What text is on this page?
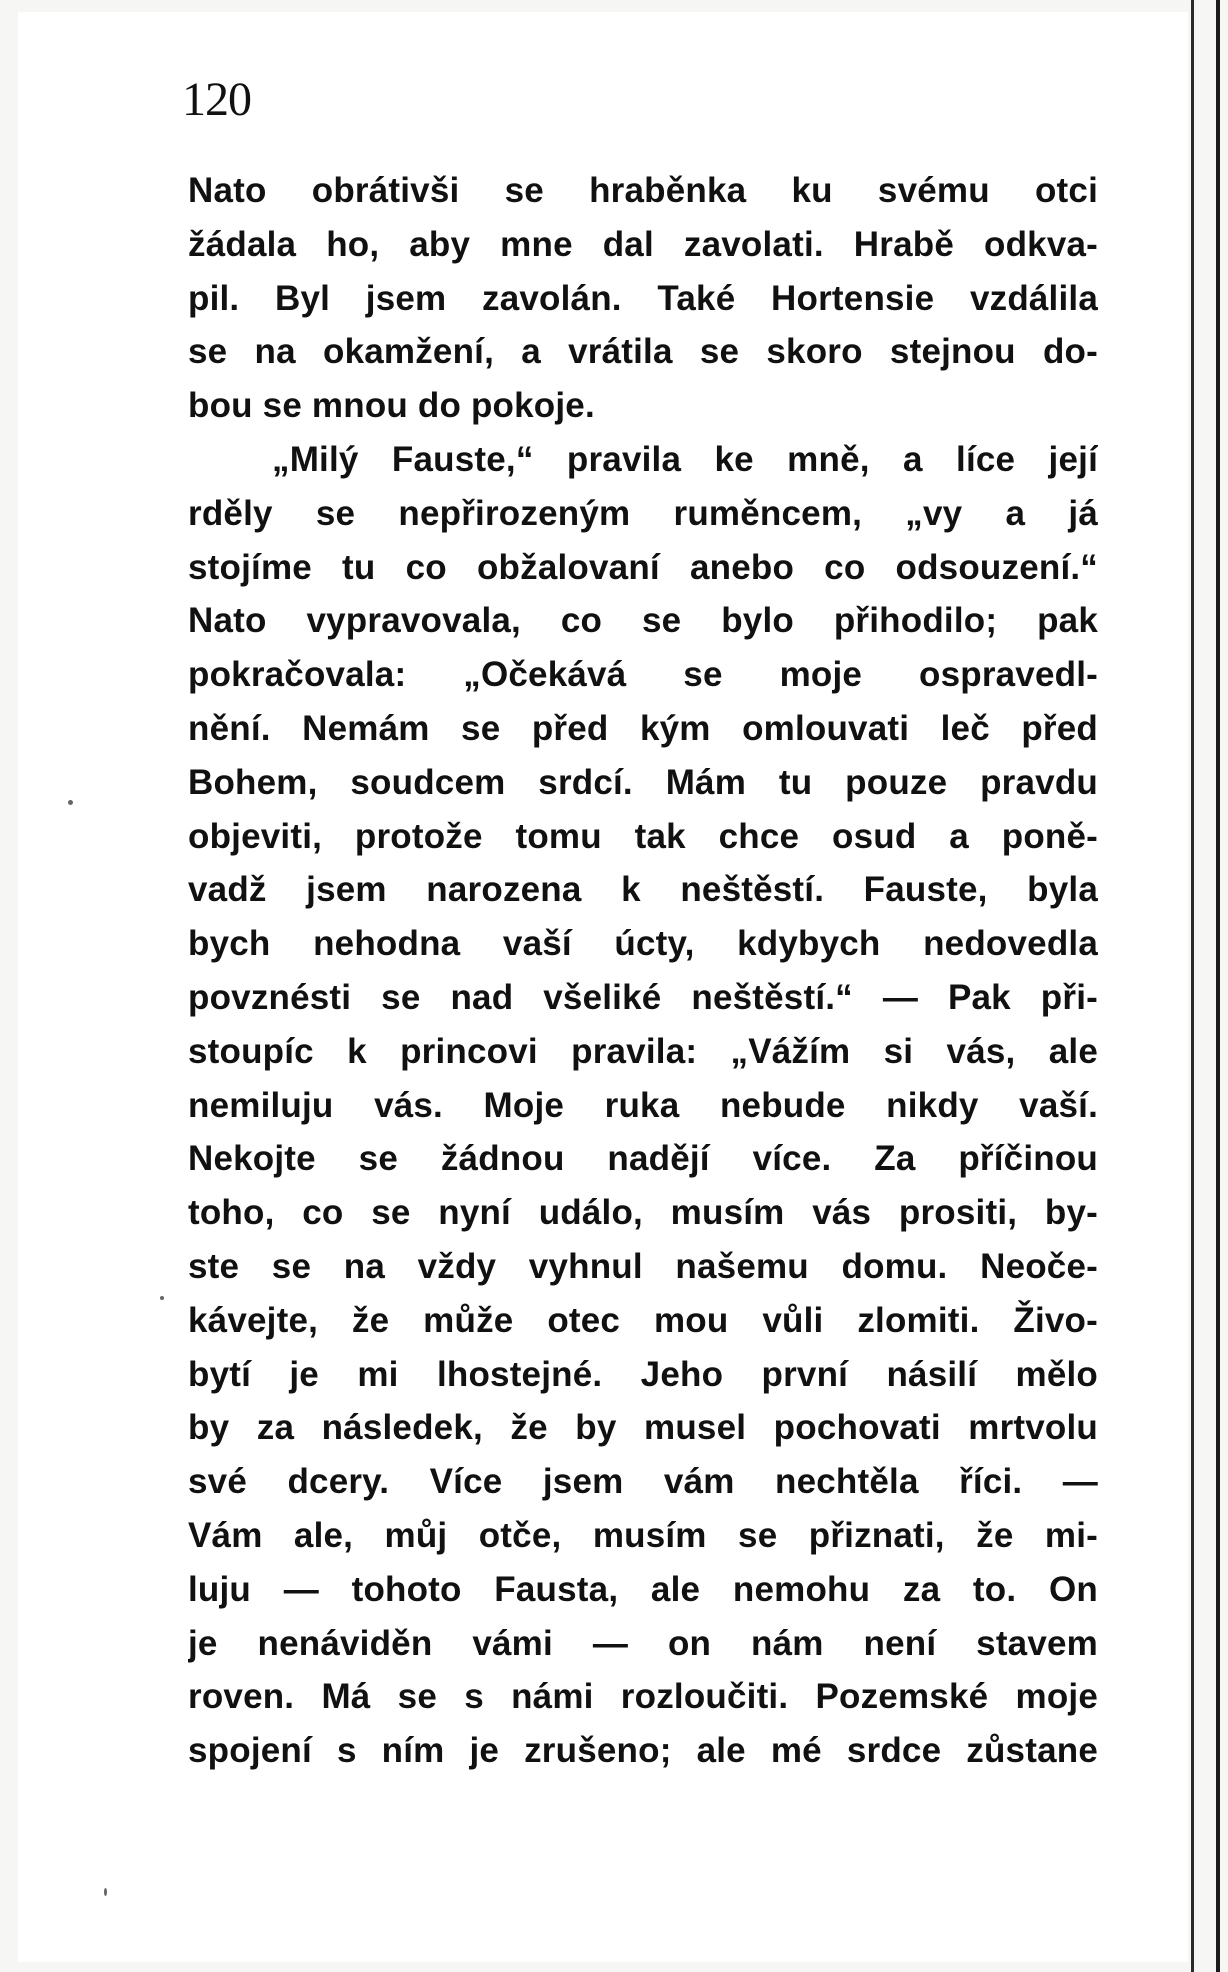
120
Nato obrátivši se hraběnka ku svému otci
žádala ho, aby mne dal zavolati. Hrabě odkva-
pil. Byl jsem zavolán. Také Hortensie vzdálila
se na okamžení, a vrátila se skoro stejnou do-
bou se mnou do pokoje.
„Milý Fauste,“ pravila ke mně, a líce její
rděly se nepřirozeným ruměncem, „vy a já
stojíme tu co obžalovaní anebo co odsouzení.“
Nato vypravovala, co se bylo přihodilo; pak
pokračovala: „Očekává se moje ospravedl-
nění. Nemám se před kým omlouvati leč před
Bohem, soudcem srdcí. Mám tu pouze pravdu
objeviti, protože tomu tak chce osud a poně-
vadž jsem narozena k neštěstí. Fauste, byla
bych nehodna vaší úcty, kdybych nedovedla
povznésti se nad všeliké neštěstí.“ — Pak při-
stoupíc k princovi pravila: „Vážím si vás, ale
nemiluju vás. Moje ruka nebude nikdy vaší.
Nekojte se žádnou nadějí více. Za příčinou
toho, co se nyní událo, musím vás prositi, by-
ste se na vždy vyhnul našemu domu. Neoče-
kávejte, že může otec mou vůli zlomiti. Živo-
bytí je mi lhostejné. Jeho první násilí mělo
by za následek, že by musel pochovati mrtvolu
své dcery. Více jsem vám nechtěla říci. —
Vám ale, můj otče, musím se přiznati, že mi-
luju — tohoto Fausta, ale nemohu za to. On
je nenáviděn vámi — on nám není stavem
roven. Má se s námi rozloučiti. Pozemské moje
spojení s ním je zrušeno; ale mé srdce zůstane
